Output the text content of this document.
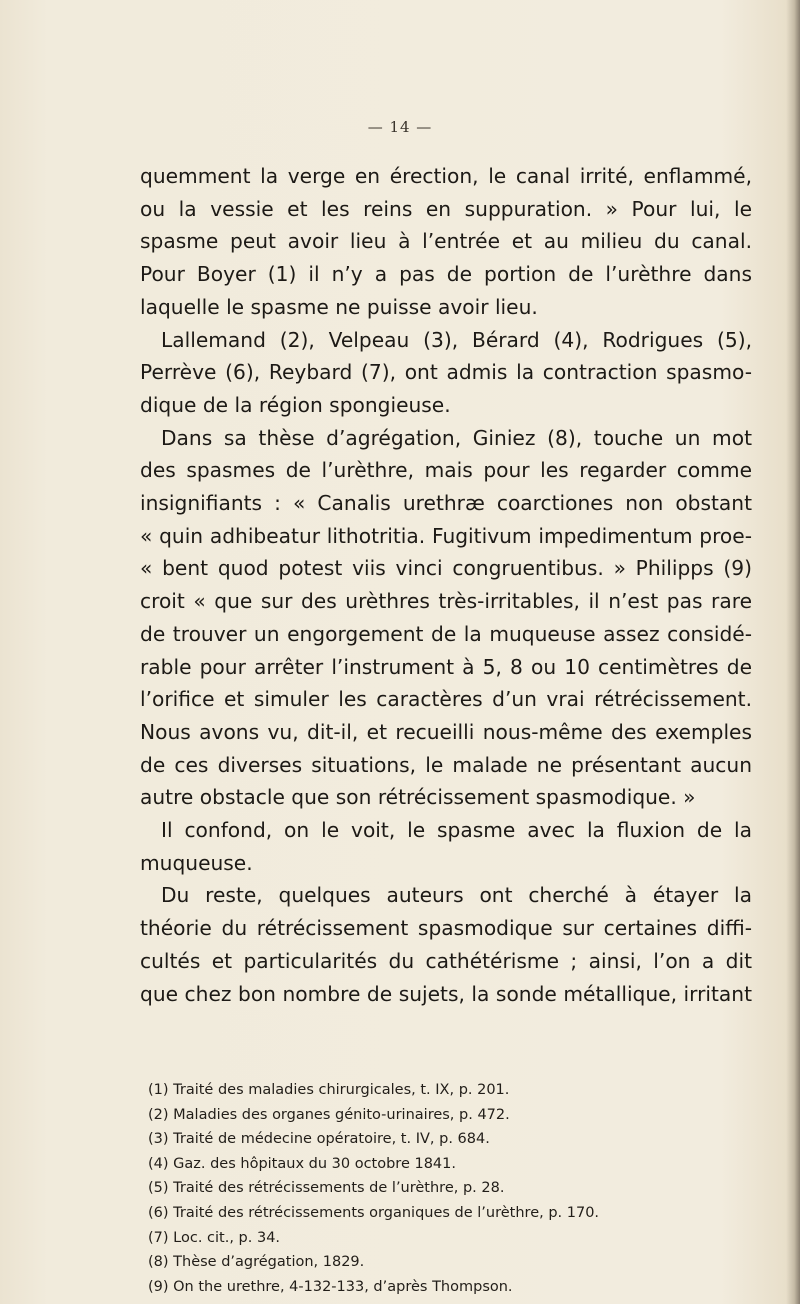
— 14 —
quemment la verge en érection, le canal irrité, enflammé,
ou la vessie et les reins en suppuration. » Pour lui, le
spasme peut avoir lieu à l’entrée et au milieu du canal.
Pour Boyer (1) il n’y a pas de portion de l’urèthre dans
laquelle le spasme ne puisse avoir lieu.
Lallemand (2), Velpeau (3), Bérard (4), Rodrigues (5),
Perrève (6), Reybard (7), ont admis la contraction spasmo-
dique de la région spongieuse.
Dans sa thèse d’agrégation, Giniez (8), touche un mot
des spasmes de l’urèthre, mais pour les regarder comme
insignifiants : « Canalis urethræ coarctiones non obstant
« quin adhibeatur lithotritia. Fugitivum impedimentum proe-
« bent quod potest viis vinci congruentibus. » Philipps (9)
croit « que sur des urèthres très-irritables, il n’est pas rare
de trouver un engorgement de la muqueuse assez considé-
rable pour arrêter l’instrument à 5, 8 ou 10 centimètres de
l’orifice et simuler les caractères d’un vrai rétrécissement.
Nous avons vu, dit-il, et recueilli nous-même des exemples
de ces diverses situations, le malade ne présentant aucun
autre obstacle que son rétrécissement spasmodique. »
Il confond, on le voit, le spasme avec la fluxion de la
muqueuse.
Du reste, quelques auteurs ont cherché à étayer la
théorie du rétrécissement spasmodique sur certaines diffi-
cultés et particularités du cathétérisme ; ainsi, l’on a dit
que chez bon nombre de sujets, la sonde métallique, irritant
(1) Traité des maladies chirurgicales, t. IX, p. 201.
(2) Maladies des organes génito-urinaires, p. 472.
(3) Traité de médecine opératoire, t. IV, p. 684.
(4) Gaz. des hôpitaux du 30 octobre 1841.
(5) Traité des rétrécissements de l’urèthre, p. 28.
(6) Traité des rétrécissements organiques de l’urèthre, p. 170.
(7) Loc. cit., p. 34.
(8) Thèse d’agrégation, 1829.
(9) On the urethre, 4-132-133, d’après Thompson.
